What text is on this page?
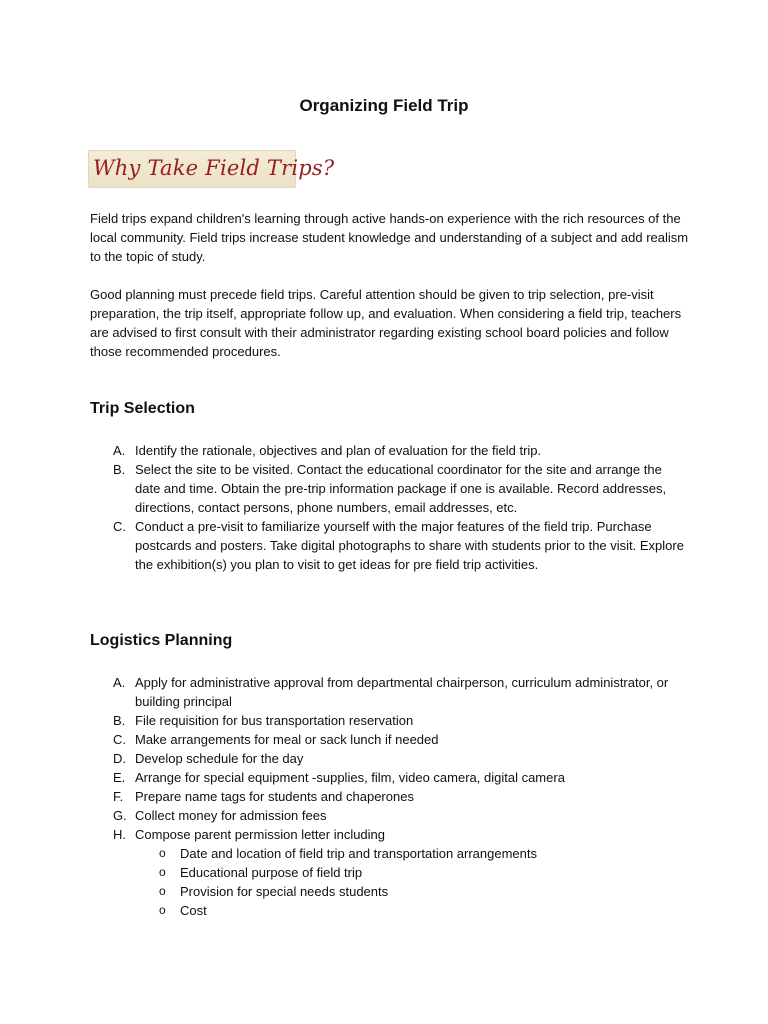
Organizing Field Trip
Why Take Field Trips?

Field trips expand children's learning through active hands-on experience with the rich resources of the local community. Field trips increase student knowledge and understanding of a subject and add realism to the topic of study.

Good planning must precede field trips. Careful attention should be given to trip selection, pre-visit preparation, the trip itself, appropriate follow up, and evaluation. When considering a field trip, teachers are advised to first consult with their administrator regarding existing school board policies and follow those recommended procedures.

Trip Selection
A. Identify the rationale, objectives and plan of evaluation for the field trip.
B. Select the site to be visited. Contact the educational coordinator for the site and arrange the date and time. Obtain the pre-trip information package if one is available. Record addresses, directions, contact persons, phone numbers, email addresses, etc.
C. Conduct a pre-visit to familiarize yourself with the major features of the field trip. Purchase postcards and posters. Take digital photographs to share with students prior to the visit. Explore the exhibition(s) you plan to visit to get ideas for pre field trip activities.
Logistics Planning
A. Apply for administrative approval from departmental chairperson, curriculum administrator, or building principal
B. File requisition for bus transportation reservation
C. Make arrangements for meal or sack lunch if needed
D. Develop schedule for the day
E. Arrange for special equipment -supplies, film, video camera, digital camera
F. Prepare name tags for students and chaperones
G. Collect money for admission fees
H. Compose parent permission letter including
o Date and location of field trip and transportation arrangements
o Educational purpose of field trip
o Provision for special needs students
o Cost
